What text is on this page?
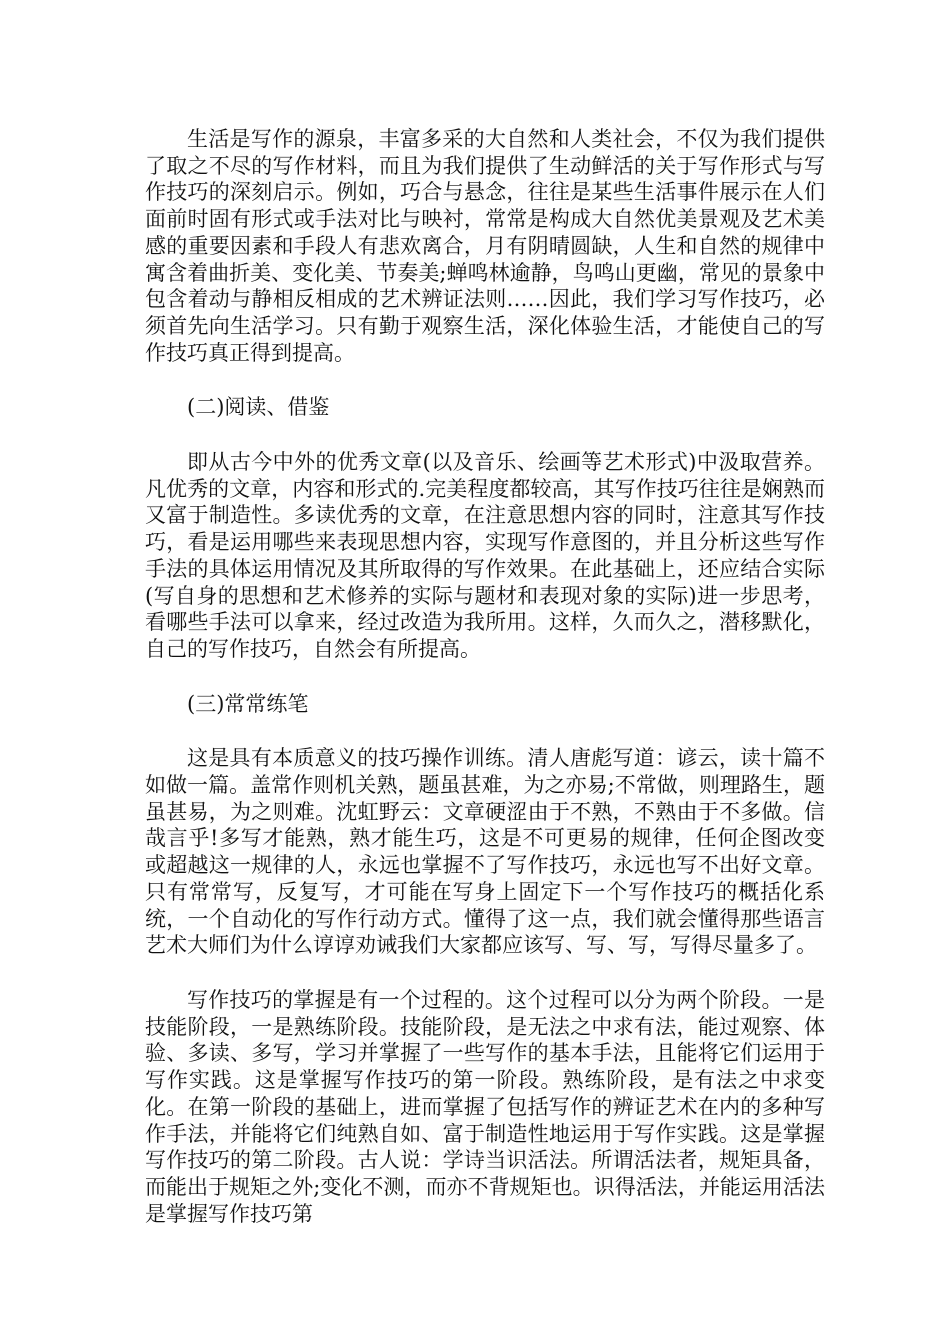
生活是写作的源泉，丰富多采的大自然和人类社会，不仅为我们提供了取之不尽的写作材料，而且为我们提供了生动鲜活的关于写作形式与写作技巧的深刻启示。例如，巧合与悬念，往往是某些生活事件展示在人们面前时固有形式或手法对比与映衬，常常是构成大自然优美景观及艺术美感的重要因素和手段人有悲欢离合，月有阴晴圆缺，人生和自然的规律中寓含着曲折美、变化美、节奏美;蝉鸣林逾静，鸟鸣山更幽，常见的景象中包含着动与静相反相成的艺术辨证法则……因此，我们学习写作技巧，必须首先向生活学习。只有勤于观察生活，深化体验生活，才能使自己的写作技巧真正得到提高。

(二)阅读、借鉴

即从古今中外的优秀文章(以及音乐、绘画等艺术形式)中汲取营养。凡优秀的文章，内容和形式的.完美程度都较高，其写作技巧往往是娴熟而又富于制造性。多读优秀的文章，在注意思想内容的同时，注意其写作技巧，看是运用哪些来表现思想内容，实现写作意图的，并且分析这些写作手法的具体运用情况及其所取得的写作效果。在此基础上，还应结合实际(写自身的思想和艺术修养的实际与题材和表现对象的实际)进一步思考，看哪些手法可以拿来，经过改造为我所用。这样，久而久之，潜移默化，自己的写作技巧，自然会有所提高。

(三)常常练笔

这是具有本质意义的技巧操作训练。清人唐彪写道：谚云，读十篇不如做一篇。盖常作则机关熟，题虽甚难，为之亦易;不常做，则理路生，题虽甚易，为之则难。沈虹野云：文章硬涩由于不熟，不熟由于不多做。信哉言乎!多写才能熟，熟才能生巧，这是不可更易的规律，任何企图改变或超越这一规律的人，永远也掌握不了写作技巧，永远也写不出好文章。只有常常写，反复写，才可能在写身上固定下一个写作技巧的概括化系统，一个自动化的写作行动方式。懂得了这一点，我们就会懂得那些语言艺术大师们为什么谆谆劝诫我们大家都应该写、写、写，写得尽量多了。

写作技巧的掌握是有一个过程的。这个过程可以分为两个阶段。一是技能阶段，一是熟练阶段。技能阶段，是无法之中求有法，能过观察、体验、多读、多写，学习并掌握了一些写作的基本手法，且能将它们运用于写作实践。这是掌握写作技巧的第一阶段。熟练阶段，是有法之中求变化。在第一阶段的基础上，进而掌握了包括写作的辨证艺术在内的多种写作手法，并能将它们纯熟自如、富于制造性地运用于写作实践。这是掌握写作技巧的第二阶段。古人说：学诗当识活法。所谓活法者，规矩具备，而能出于规矩之外;变化不测，而亦不背规矩也。识得活法，并能运用活法是掌握写作技巧第
